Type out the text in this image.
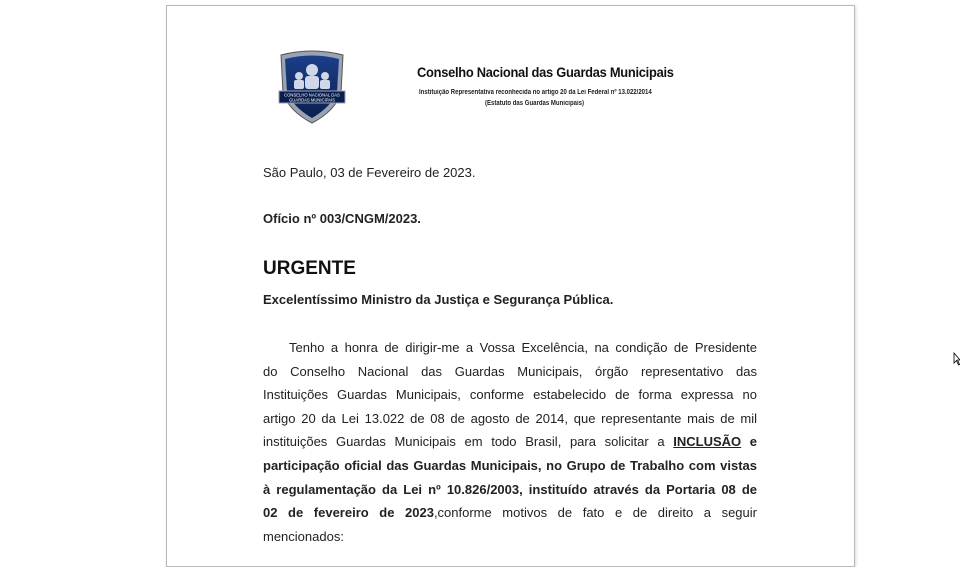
CONSELHO NACIONAL DAS
GUARDAS MUNICIPAIS
Conselho Nacional das Guardas Municipais
Instituição Representativa reconhecida no artigo 20 da Lei Federal nº 13.022/2014
(Estatuto das Guardas Municipais)
São Paulo, 03 de Fevereiro de 2023.
Ofício nº 003/CNGM/2023.
URGENTE
Excelentíssimo Ministro da Justiça e Segurança Pública.
Tenho a honra de dirigir-me a Vossa Excelência, na condição de Presidente
do Conselho Nacional das Guardas Municipais, órgão representativo das
Instituições Guardas Municipais, conforme estabelecido de forma expressa no
artigo 20 da Lei 13.022 de 08 de agosto de 2014, que representante mais de mil
instituições Guardas Municipais em todo Brasil, para solicitar a INCLUSÃO e
participação oficial das Guardas Municipais, no Grupo de Trabalho com vistas
à regulamentação da Lei nº 10.826/2003, instituído através da Portaria 08 de
02 de fevereiro de 2023,conforme motivos de fato e de direito a seguir
mencionados:
